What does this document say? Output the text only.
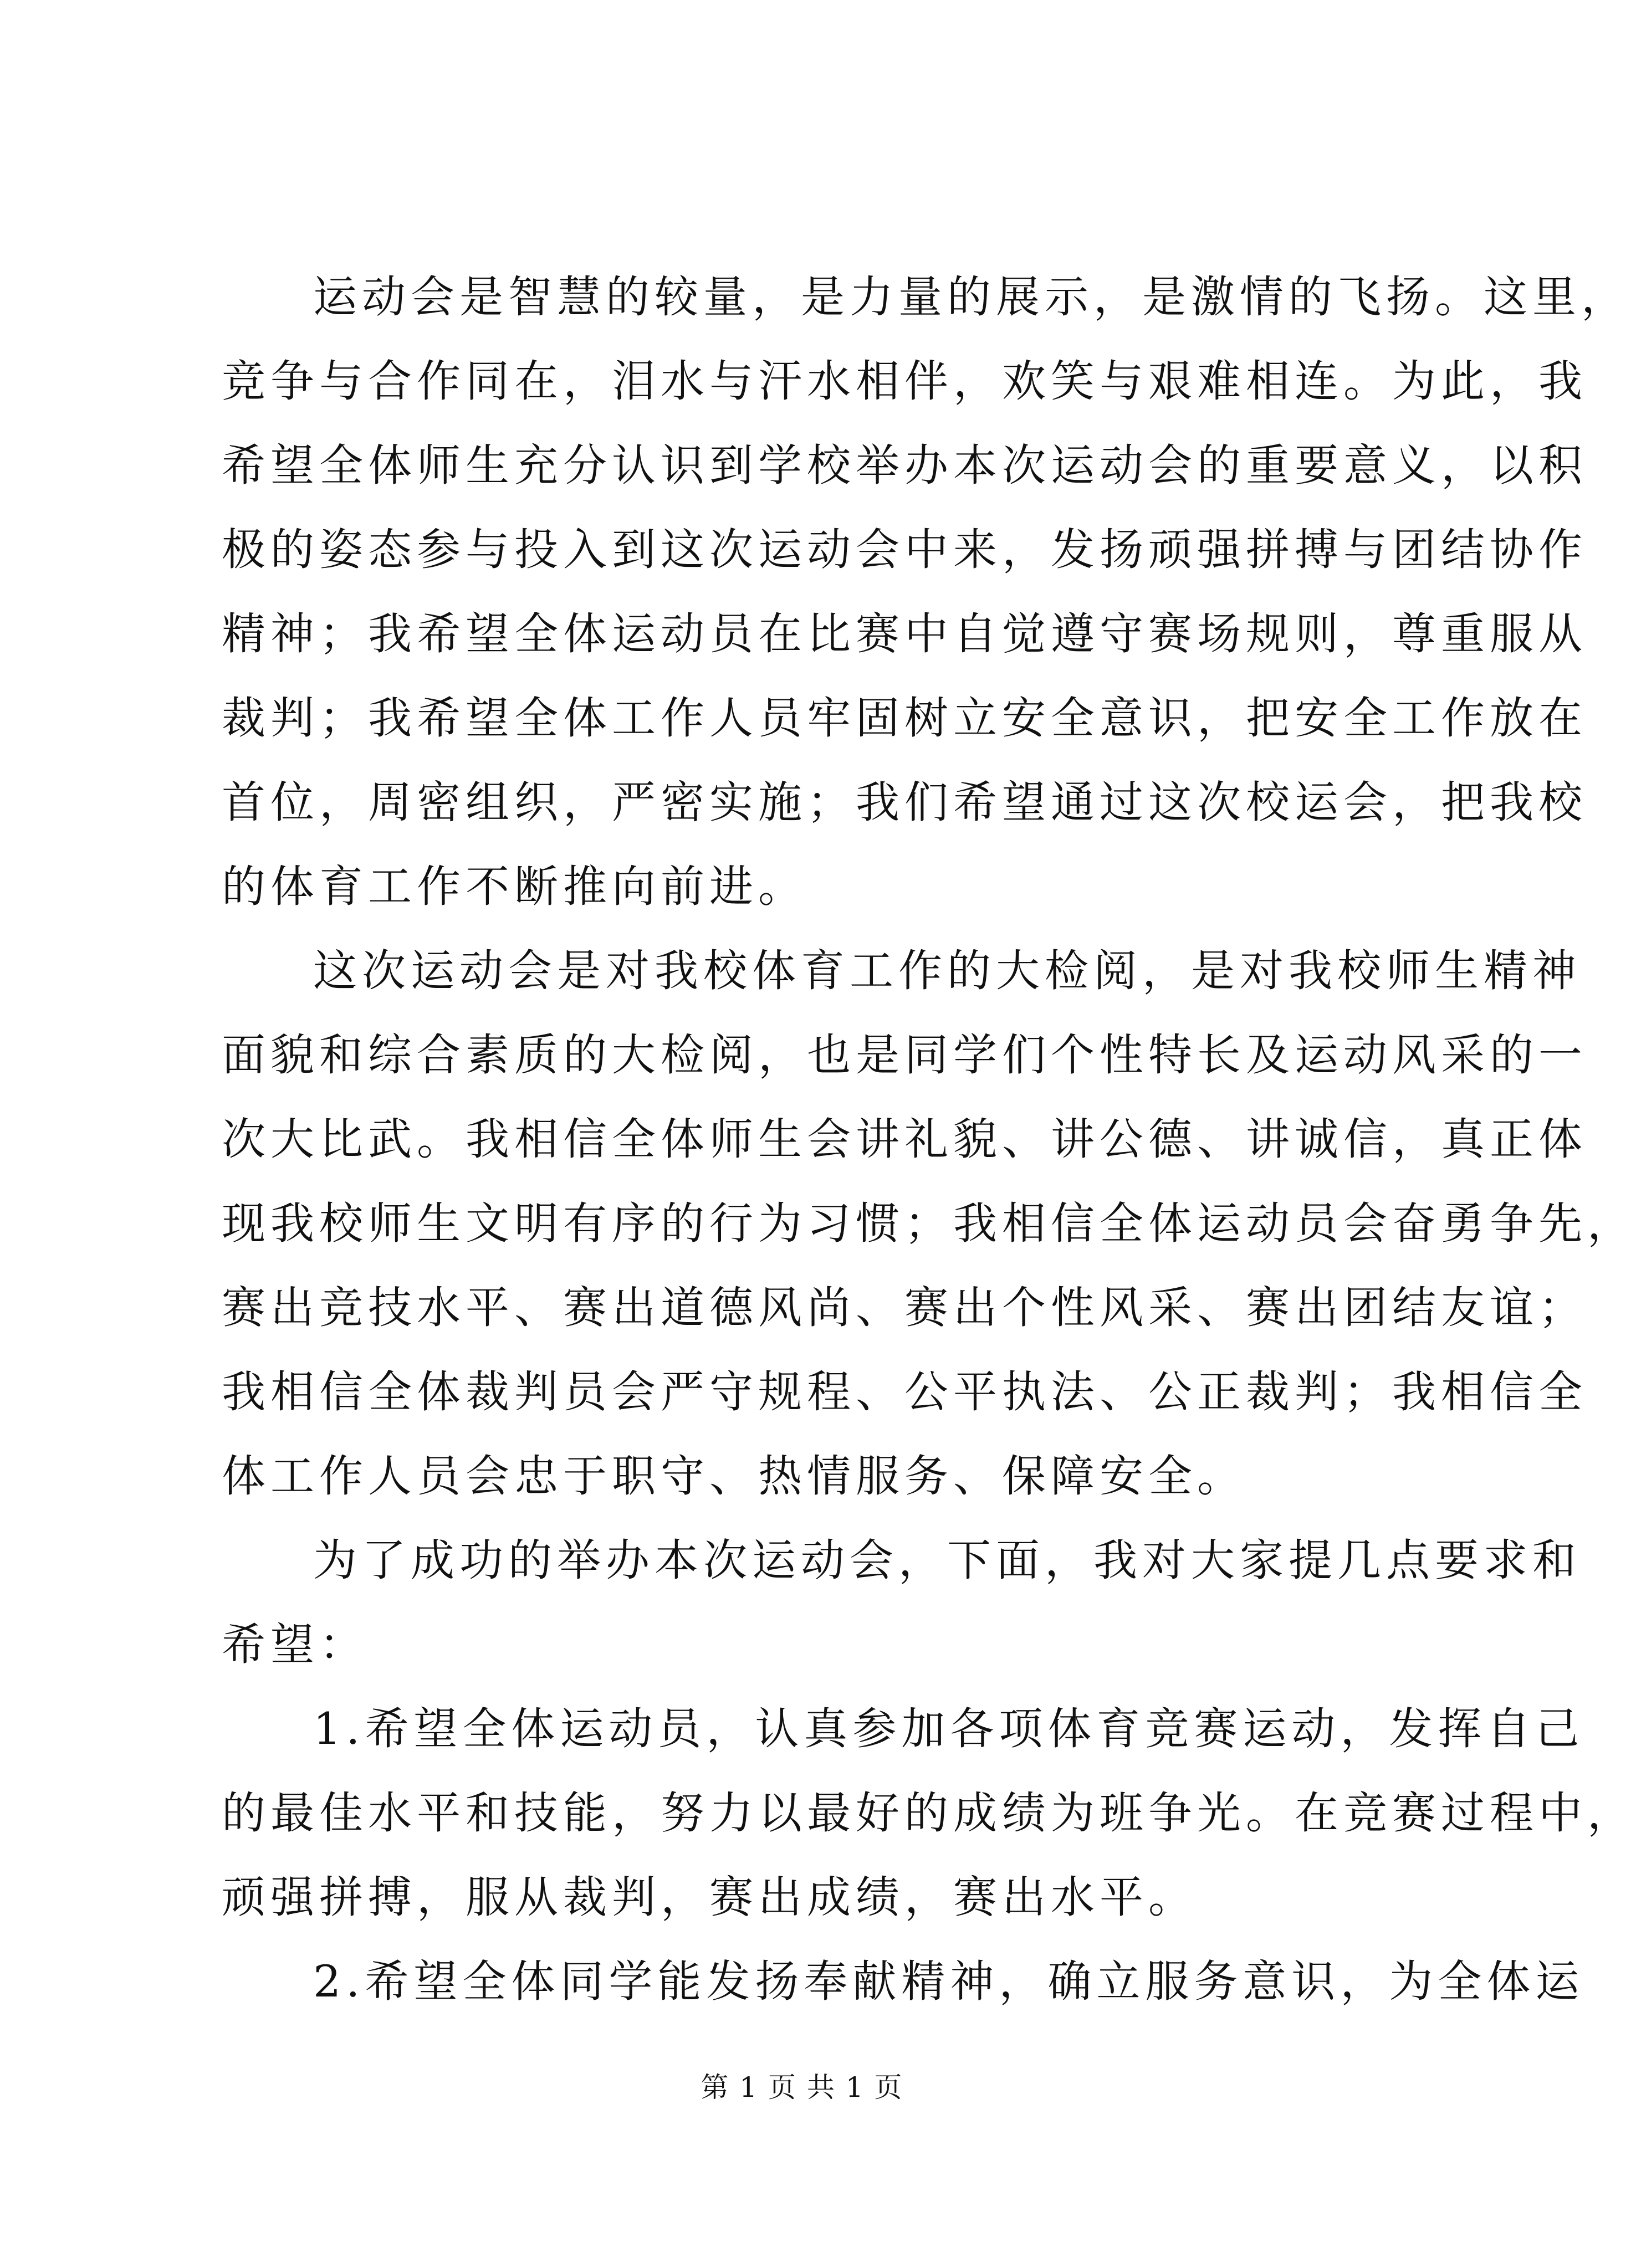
运动会是智慧的较量，是力量的展示，是激情的飞扬。这里，
竞争与合作同在，泪水与汗水相伴，欢笑与艰难相连。为此，我
希望全体师生充分认识到学校举办本次运动会的重要意义，以积
极的姿态参与投入到这次运动会中来，发扬顽强拼搏与团结协作
精神；我希望全体运动员在比赛中自觉遵守赛场规则，尊重服从
裁判；我希望全体工作人员牢固树立安全意识，把安全工作放在
首位，周密组织，严密实施；我们希望通过这次校运会，把我校
的体育工作不断推向前进。
这次运动会是对我校体育工作的大检阅，是对我校师生精神
面貌和综合素质的大检阅，也是同学们个性特长及运动风采的一
次大比武。我相信全体师生会讲礼貌、讲公德、讲诚信，真正体
现我校师生文明有序的行为习惯；我相信全体运动员会奋勇争先，
赛出竞技水平、赛出道德风尚、赛出个性风采、赛出团结友谊；
我相信全体裁判员会严守规程、公平执法、公正裁判；我相信全
体工作人员会忠于职守、热情服务、保障安全。
为了成功的举办本次运动会，下面，我对大家提几点要求和
希望：
1.希望全体运动员，认真参加各项体育竞赛运动，发挥自己
的最佳水平和技能，努力以最好的成绩为班争光。在竞赛过程中，
顽强拼搏，服从裁判，赛出成绩，赛出水平。
2.希望全体同学能发扬奉献精神，确立服务意识，为全体运
第 1 页 共 1 页
